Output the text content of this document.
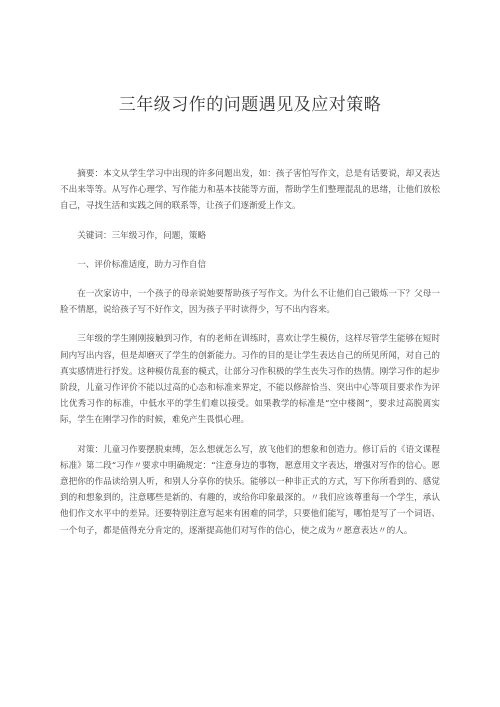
三年级习作的问题遇见及应对策略

摘要：本文从学生学习中出现的许多问题出发，如：孩子害怕写作文，总是有话要说，却又表达不出来等等。从写作心理学、写作能力和基本技能等方面，帮助学生们整理混乱的思绪，让他们放松自己，寻找生活和实践之间的联系等，让孩子们逐渐爱上作文。

关键词：三年级习作，问题，策略

一、评价标准适度，助力习作自信

在一次家访中，一个孩子的母亲说她要帮助孩子写作文。为什么不让他们自己锻炼一下？父母一脸不情愿，说给孩子写不好作文，因为孩子平时读得少，写不出内容来。

三年级的学生刚刚接触到习作，有的老师在训练时，喜欢让学生模仿，这样尽管学生能够在短时间内写出内容，但是却磨灭了学生的创新能力。习作的目的是让学生表达自己的所见所闻，对自己的真实感情进行抒发。这种模仿乱套的模式，让部分习作积极的学生丧失习作的热情。刚学习作的起步阶段，儿童习作评价不能以过高的心态和标准来界定，不能以修辞恰当、突出中心等项目要求作为评比优秀习作的标准，中低水平的学生们难以接受。如果教学的标准是“空中楼阁”，要求过高脱离实际，学生在刚学习作的时候，难免产生畏惧心理。

对策：儿童习作要摆脱束缚，怎么想就怎么写，放飞他们的想象和创造力。修订后的《语文课程标准》第二段“习作〃要求中明确规定：“注意身边的事物，愿意用文字表达，增强对写作的信心。愿意把你的作品读给别人听，和别人分享你的快乐。能够以一种非正式的方式，写下你所看到的、感觉到的和想象到的，注意哪些是新的、有趣的，或给你印象最深的。〃我们应该尊重每一个学生，承认他们作文水平中的差异。还要特别注意写起来有困难的同学，只要他们能写，哪怕是写了一个词语、一个句子，都是值得充分肯定的，逐渐提高他们对写作的信心，使之成为〃愿意表达〃的人。
